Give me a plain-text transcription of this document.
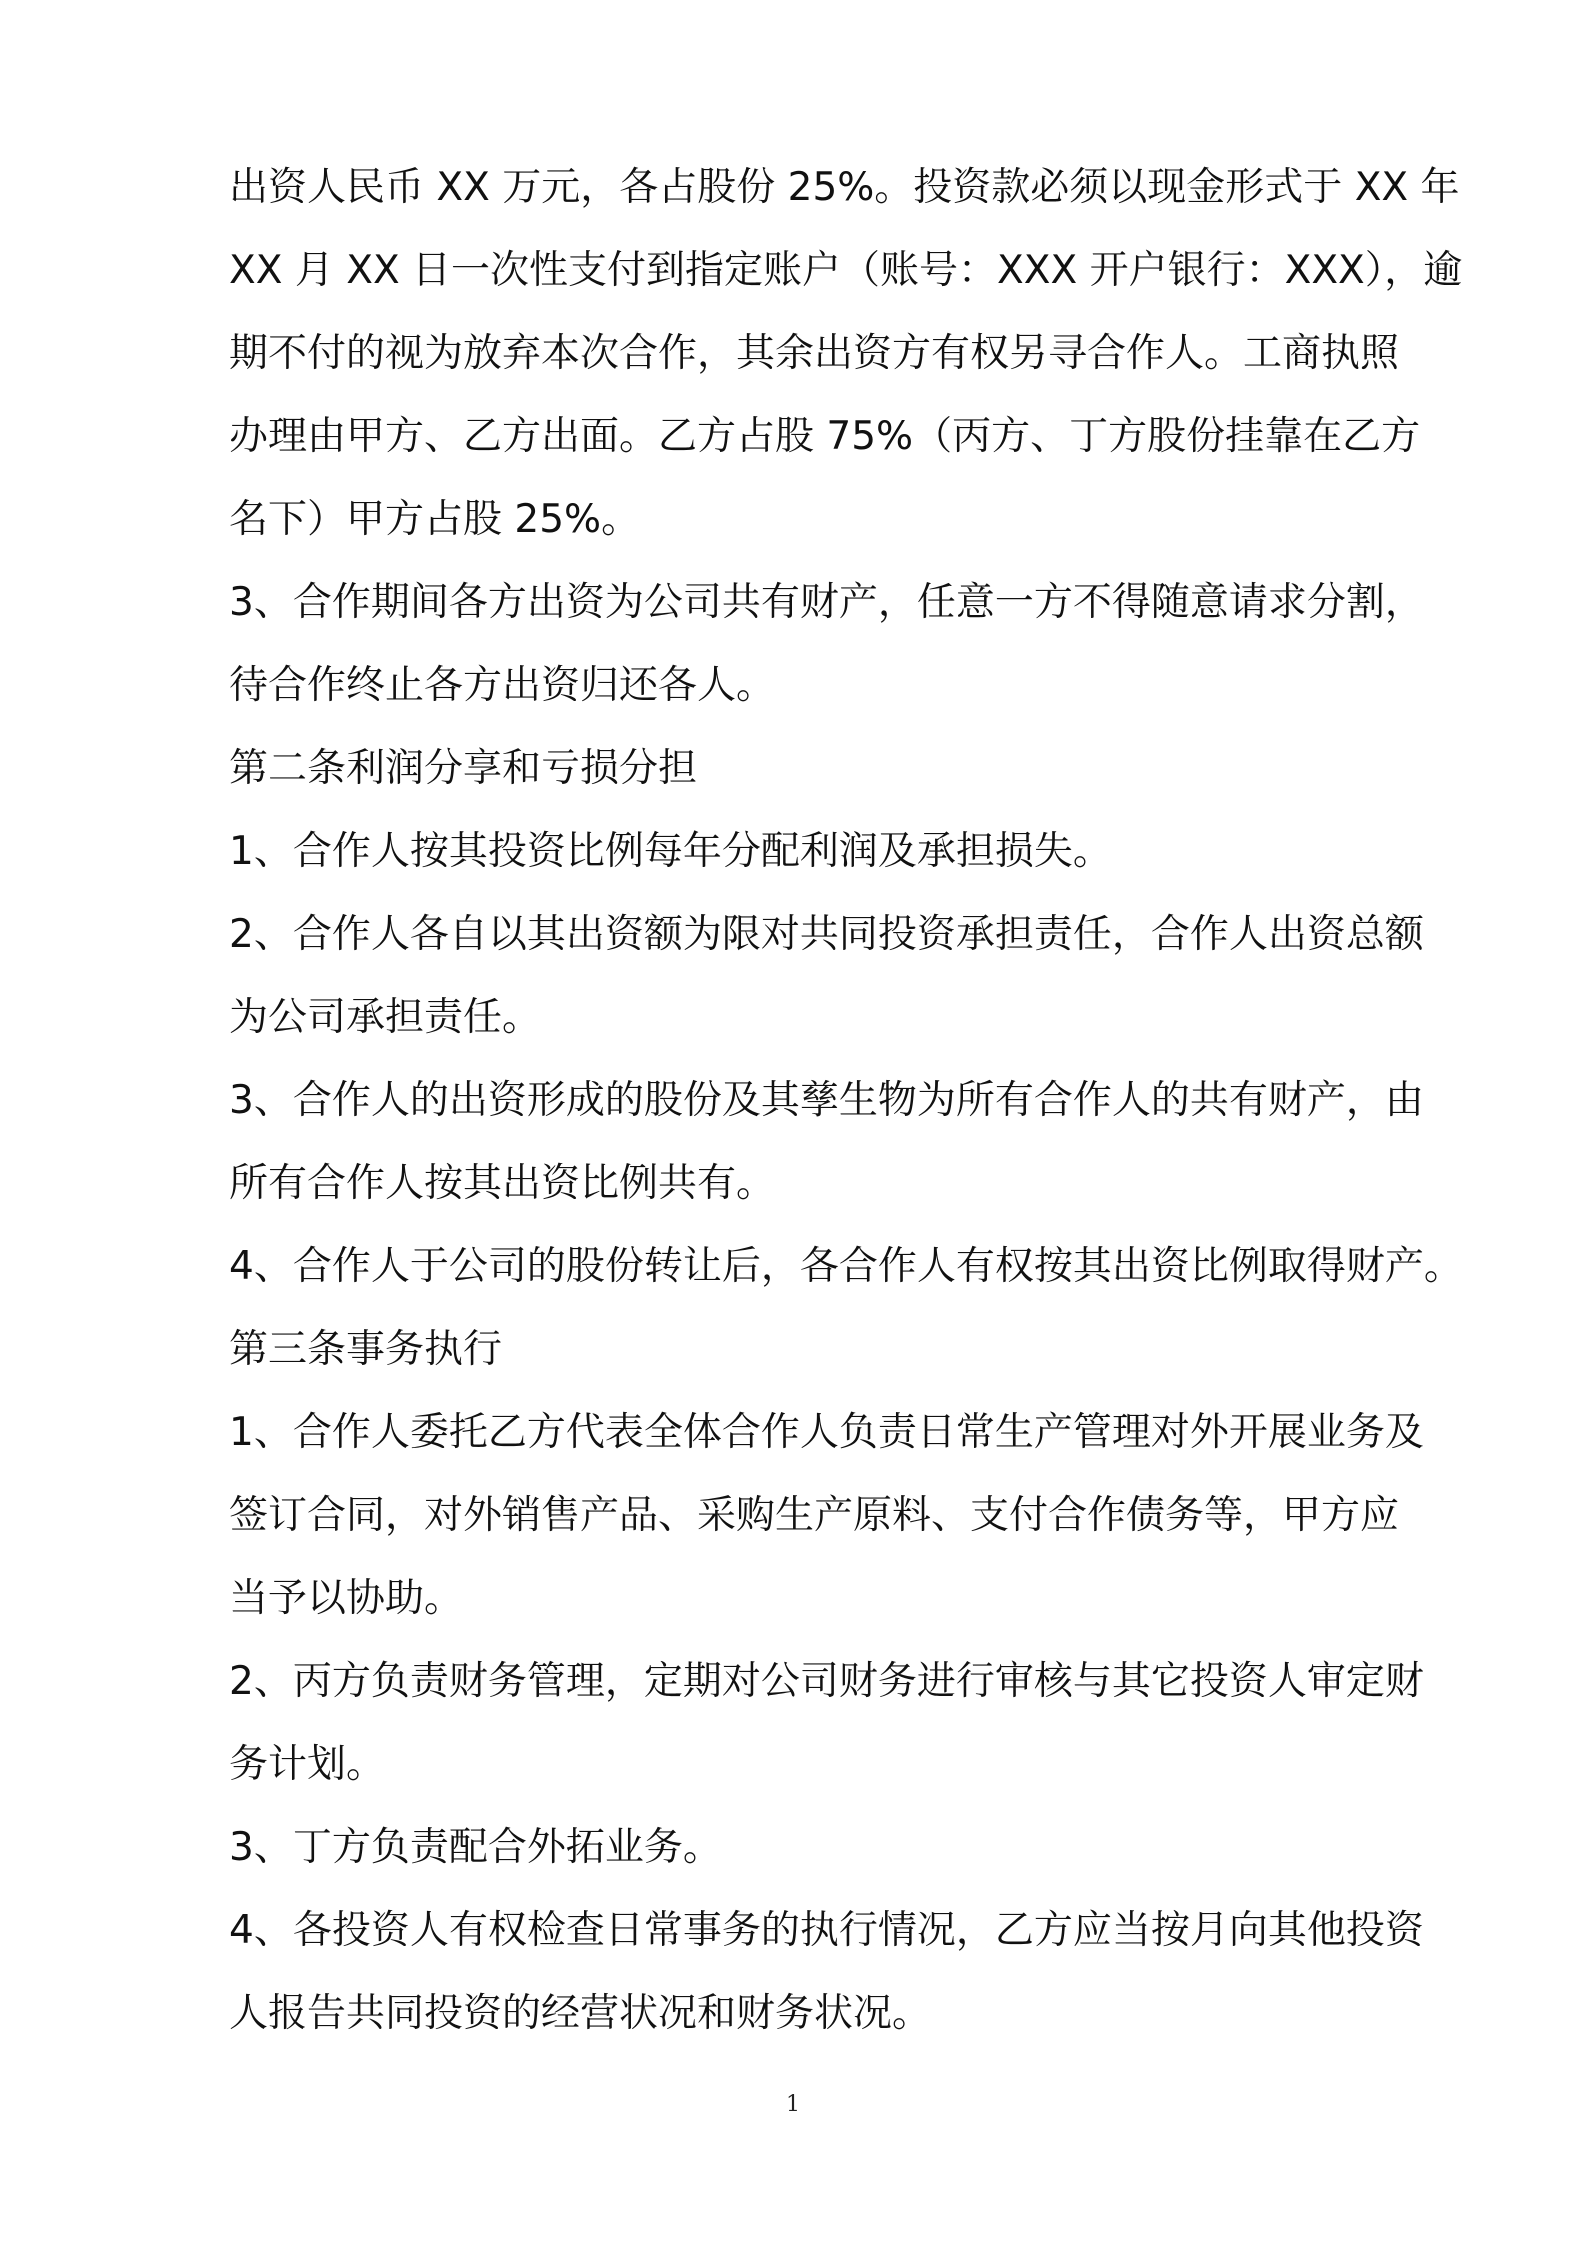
出资人民币 XX 万元，各占股份 25%。投资款必须以现金形式于 XX 年
XX 月 XX 日一次性支付到指定账户（账号：XXX 开户银行：XXX），逾
期不付的视为放弃本次合作，其余出资方有权另寻合作人。工商执照
办理由甲方、乙方出面。乙方占股 75%（丙方、丁方股份挂靠在乙方
名下）甲方占股 25%。
3、合作期间各方出资为公司共有财产，任意一方不得随意请求分割，
待合作终止各方出资归还各人。
第二条利润分享和亏损分担
1、合作人按其投资比例每年分配利润及承担损失。
2、合作人各自以其出资额为限对共同投资承担责任，合作人出资总额
为公司承担责任。
3、合作人的出资形成的股份及其孳生物为所有合作人的共有财产，由
所有合作人按其出资比例共有。
4、合作人于公司的股份转让后，各合作人有权按其出资比例取得财产。
第三条事务执行
1、合作人委托乙方代表全体合作人负责日常生产管理对外开展业务及
签订合同，对外销售产品、采购生产原料、支付合作债务等，甲方应
当予以协助。
2、丙方负责财务管理，定期对公司财务进行审核与其它投资人审定财
务计划。
3、丁方负责配合外拓业务。
4、各投资人有权检查日常事务的执行情况，乙方应当按月向其他投资
人报告共同投资的经营状况和财务状况。
1
